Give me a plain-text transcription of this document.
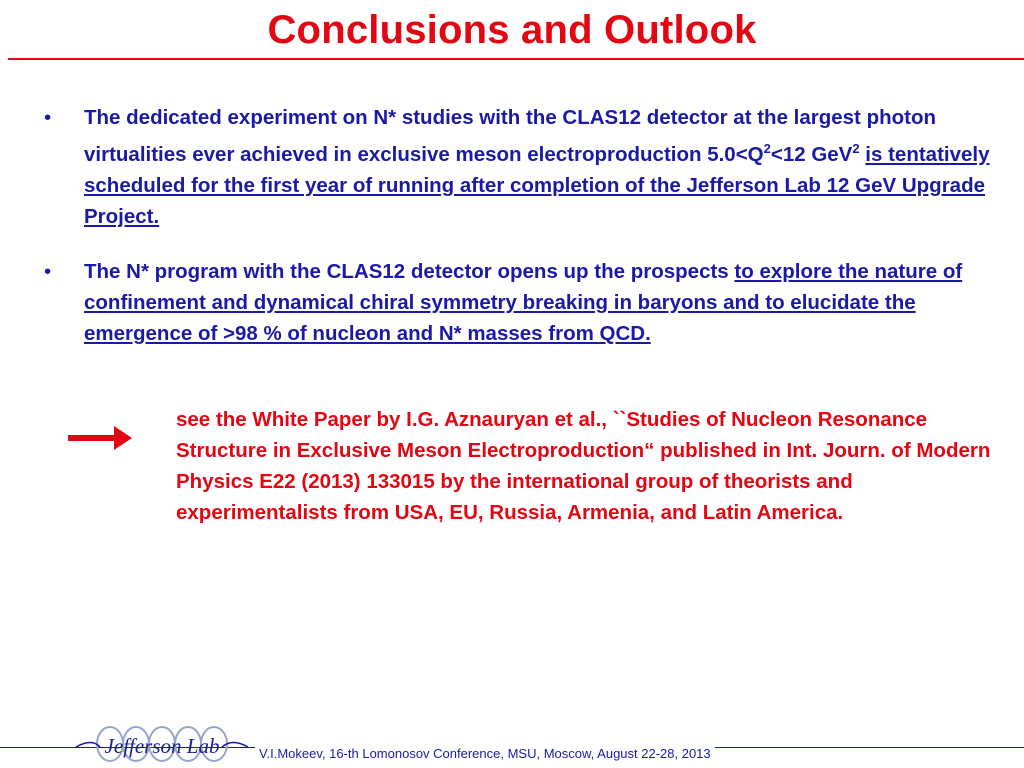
Conclusions and Outlook
•	The dedicated experiment on N* studies with the CLAS12 detector at the largest photon virtualities ever achieved in exclusive meson electroproduction $5.0<Q^2<12$ GeV$^2$ is tentatively scheduled for the first year of running after completion of the Jefferson Lab 12 GeV Upgrade Project.
•	The N* program with the CLAS12 detector opens up the prospects to explore the nature of confinement and dynamical chiral symmetry breaking in baryons and to elucidate the emergence of >98 % of nucleon and N* masses from QCD.
see the White Paper by I.G. Aznauryan et al., ``Studies of Nucleon Resonance Structure in Exclusive Meson Electroproduction“ published in Int. Journ. of Modern Physics E22 (2013) 133015 by the international group of theorists and experimentalists from USA, EU, Russia, Armenia, and Latin America.
Jefferson Lab	V.I.Mokeev, 16-th Lomonosov Conference, MSU, Moscow, August 22-28, 2013
